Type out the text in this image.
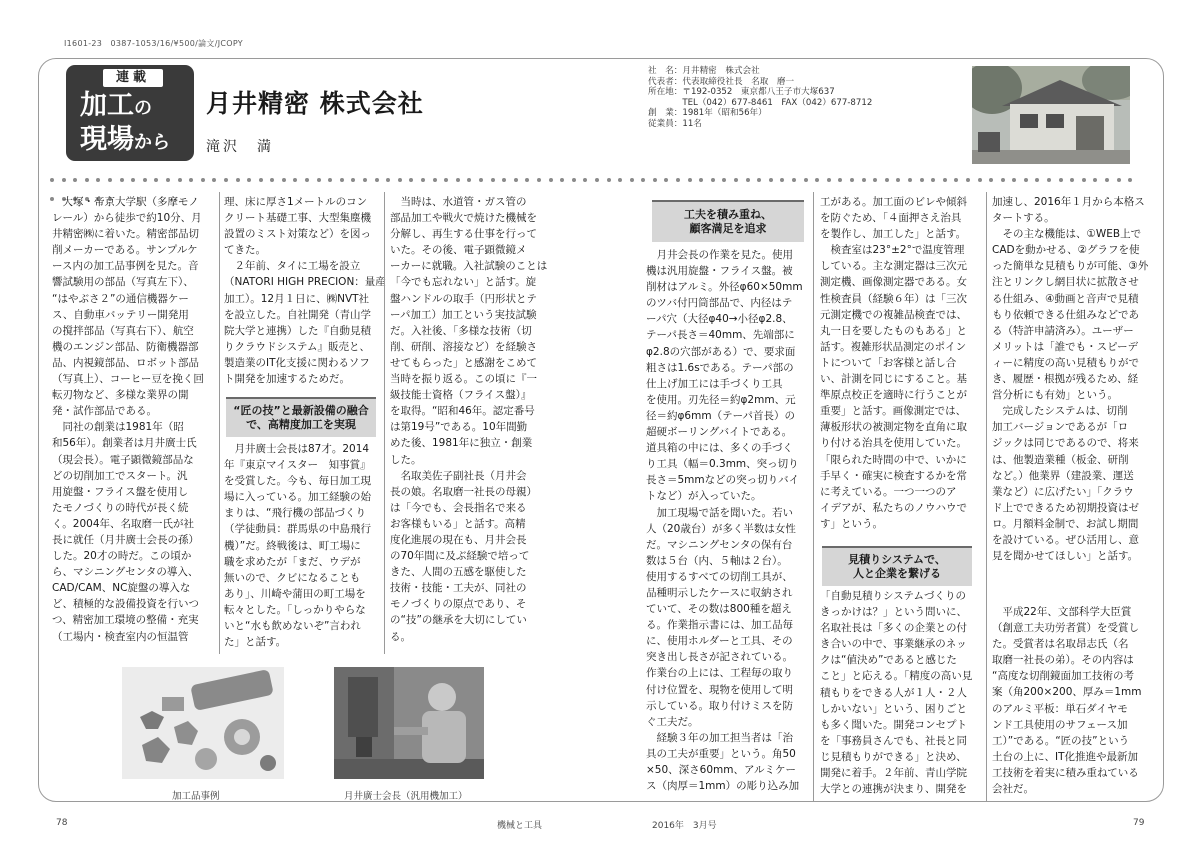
I1601-23　0387-1053/16/¥500/論文/JCOPY
連載
加工の
現場から
月井精密 株式会社
滝沢　満
社　名：月井精密　株式会社
代表者：代表取締役社長　名取　磨一
所在地：〒192-0352　東京都八王子市大塚637
　　　　TEL（042）677-8461　FAX（042）677-8712
創　業：1981年（昭和56年）
従業員：11名
　大塚・帝京大学駅（多摩モノ
レール）から徒歩で約10分、月
井精密㈱に着いた。精密部品切
削メーカーである。サンプルケ
ース内の加工品事例を見た。音
響試験用の部品（写真左下）、
“はやぶさ２”の通信機器ケー
ス、自動車バッテリー開発用
の撹拌部品（写真右下）、航空
機のエンジン部品、防衛機器部
品、内視鏡部品、ロボット部品
（写真上）、コーヒー豆を挽く回
転刃物など、多様な業界の開
発・試作部品である。
　同社の創業は1981年（昭
和56年）。創業者は月井廣士氏
（現会長）。電子顕微鏡部品な
どの切削加工でスタート。汎
用旋盤・フライス盤を使用し
たモノづくりの時代が長く続
く。2004年、名取磨一氏が社
長に就任（月井廣士会長の孫）
した。20才の時だ。この頃か
ら、マシニングセンタの導入、
CAD/CAM、NC旋盤の導入な
ど、積極的な設備投資を行いつ
つ、精密加工環境の整備・充実
（工場内・検査室内の恒温管
理、床に厚さ1メートルのコン
クリート基礎工事、大型集塵機
設置のミスト対策など）を図っ
てきた。
　２年前、タイに工場を設立
（NATORI HIGH PRECION：量産
加工）。12月１日に、㈱NVT社
を設立した。自社開発（青山学
院大学と連携）した『自動見積
りクラウドシステム』販売と、
製造業のIT化支援に関わるソフ
ト開発を加速するためだ。
“匠の技”と最新設備の融合
で、高精度加工を実現
　月井廣士会長は87才。2014
年『東京マイスター　知事賞』
を受賞した。今も、毎日加工現
場に入っている。加工経験の始
まりは、“飛行機の部品づくり
（学徒動員：群馬県の中島飛行
機）”だ。終戦後は、町工場に
職を求めたが「まだ、ウデが
無いので、クビになることも
あり」、川崎や蒲田の町工場を
転々とした。「しっかりやらな
いと“水も飲めないぞ”言われ
た」と話す。
　当時は、水道管・ガス管の
部品加工や戦火で焼けた機械を
分解し、再生する仕事を行って
いた。その後、電子顕微鏡メ
ーカーに就職。入社試験のことは
「今でも忘れない」と話す。旋
盤ハンドルの取手（円形状とテ
ーパ加工）加工という実技試験
だ。入社後、「多様な技術（切
削、研削、溶接など）を経験さ
せてもらった」と感謝をこめて
当時を振り返る。この頃に『一
級技能士資格（フライス盤）』
を取得。“昭和46年。認定番号
は第19号”である。10年間勤
めた後、1981年に独立・創業
した。
　名取美佐子副社長（月井会
長の娘。名取磨一社長の母親）
は「今でも、会長指名で来る
お客様もいる」と話す。高精
度化進展の現在も、月井会長
の70年間に及ぶ経験で培って
きた、人間の五感を駆使した
技術・技能・工夫が、同社の
モノづくりの原点であり、そ
の“技”の継承を大切にしてい
る。
工夫を積み重ね、
顧客満足を追求
　月井会長の作業を見た。使用
機は汎用旋盤・フライス盤。被
削材はアルミ。外径φ60×50mm
のツバ付円筒部品で、内径はテ
ーパ穴（大径φ40→小径φ2.8、
テーパ長さ＝40mm、先端部に
φ2.8の穴部がある）で、要求面
粗さは1.6sである。テーパ部の
仕上げ加工には手づくり工具
を使用。刃先径＝約φ2mm、元
径＝約φ6mm（テーパ首長）の
超硬ボーリングバイトである。
道具箱の中には、多くの手づく
り工具（幅＝0.3mm、突っ切り
長さ＝5mmなどの突っ切りバイ
トなど）が入っていた。
　加工現場で話を聞いた。若い
人（20歳台）が多く半数は女性
だ。マシニングセンタの保有台
数は５台（内、５軸は２台）。
使用するすべての切削工具が、
品種明示したケースに収納され
ていて、その数は800種を超え
る。作業指示書には、加工品毎
に、使用ホルダーと工具、その
突き出し長さが記されている。
作業台の上には、工程毎の取り
付け位置を、現物を使用して明
示している。取り付けミスを防
ぐ工夫だ。
　経験３年の加工担当者は「治
具の工夫が重要」という。角50
×50、深さ60mm、アルミケー
ス（肉厚＝1mm）の彫り込み加
工がある。加工面のビレや傾斜
を防ぐため、「４面押さえ治具
を製作し、加工した」と話す。
　検査室は23°±2°で温度管理
している。主な測定器は三次元
測定機、画像測定器である。女
性検査員（経験６年）は「三次
元測定機での複雑品検査では、
丸一日を要したものもある」と
話す。複雑形状品測定のポイン
トについて「お客様と話し合
い、計測を同じにすること。基
準原点校正を適時に行うことが
重要」と話す。画像測定では、
薄板形状の被測定物を直角に取
り付ける治具を使用していた。
「限られた時間の中で、いかに
手早く・確実に検査するかを常
に考えている。一つ一つのア
イデアが、私たちのノウハウで
す」という。
見積りシステムで、
人と企業を繋げる
「自動見積りシステムづくりの
きっかけは？」という問いに、
名取社長は「多くの企業との付
き合いの中で、事業継承のネッ
クは“値決め”であると感じた
こと」と応える。「精度の高い見
積もりをできる人が１人・２人
しかいない」という、困りごと
も多く聞いた。開発コンセプト
を「事務員さんでも、社長と同
じ見積もりができる」と決め、
開発に着手。２年前、青山学院
大学との連携が決まり、開発を
加速し、2016年１月から本格ス
タートする。
　その主な機能は、①WEB上で
CADを動かせる、②グラフを使
った簡単な見積もりが可能、③外
注とリンクし網目状に拡散させ
る仕組み、④動画と音声で見積
もり依頼できる仕組みなどであ
る（特許申請済み）。ユーザー
メリットは「誰でも・スピーデ
ィーに精度の高い見積もりがで
き、履歴・根拠が残るため、経
営分析にも有効」という。
　完成したシステムは、切削
加工バージョンであるが「ロ
ジックは同じであるので、将来
は、他製造業種（板金、研削
など。）他業界（建設業、運送
業など）に広げたい」「クラウ
ド上でできるため初期投資はゼ
ロ。月額料金制で、お試し期間
を設けている。ぜひ活用し、意
見を聞かせてほしい」と話す。
　平成22年、文部科学大臣賞
（創意工夫功労者賞）を受賞し
た。受賞者は名取昂志氏（名
取磨一社長の弟）。その内容は
“高度な切削鏡面加工技術の考
案（角200×200、厚み＝1mm
のアルミ平板：単石ダイヤモ
ンド工具使用のサフェース加
工）”である。“匠の技”という
土台の上に、IT化推進や最新加
工技術を着実に積み重ねている
会社だ。
加工品事例	月井廣士会長（汎用機加工）
78	機械と工具	2016年　3月号	79
